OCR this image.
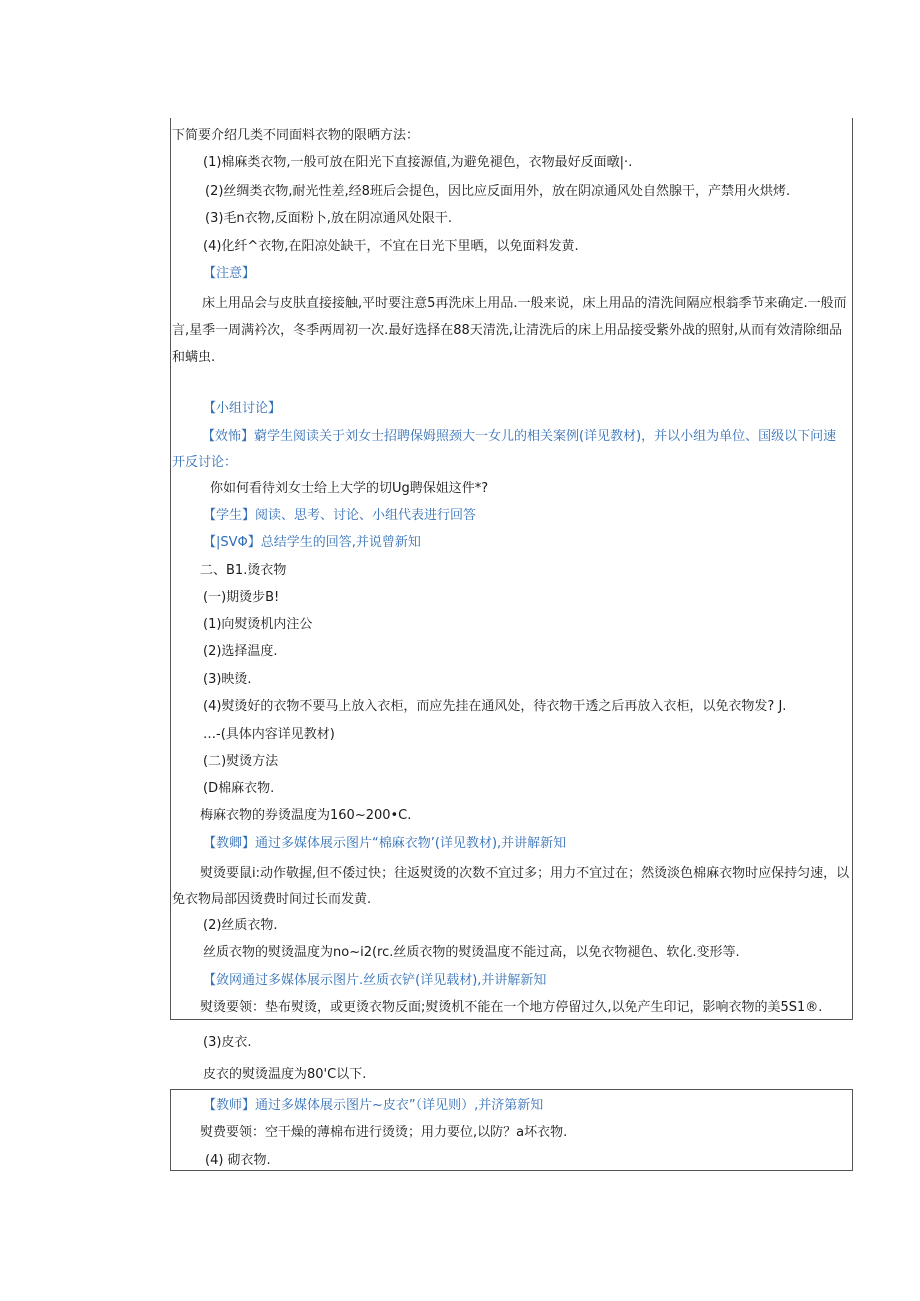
下简要介绍几类不同面料衣物的限晒方法：
(1)棉麻类衣物,一般可放在阳光下直接源值,为避免褪色，衣物最好反面暾|·.
(2)丝绸类衣物,耐光性差,经8班后会提色，因比应反面用外，放在阴凉通风处自然腺干，产禁用火烘烤.
(3)毛n衣物,反面粉卜,放在阴凉通风处限干.
(4)化纤^衣物,在阳凉处缺干，不宜在日光下里晒，以免面料发黄.
【注意】
床上用品会与皮肤直接接触,平时要注意5再洗床上用品.一般来说，床上用品的清洗间隔应根翁季节来确定.一般而言,星季一周满衿次，冬季两周初一次.最好选择在88天清洗,让清洗后的床上用品接受紫外战的照射,从而有效清除细品和螨虫.
【小组讨论】
【效怖】藭学生阅读关于刘女士招聘保姆照颈大一女儿的相关案例(详见教材)，并以小组为单位、国级以下问速开反讨论：
你如何看待刘女士给上大学的切Ug聘保姐这件*?
【学生】阅读、思考、讨论、小组代表进行回答
【|SVΦ】总结学生的回答,并说曾新知
二、B1.烫衣物
(一)期烫步B!
(1)向熨烫机内注公
(2)选择温度.
(3)映烫.
(4)熨烫好的衣物不要马上放入衣柜，而应先挂在通风处，待衣物干透之后再放入衣柜，以免衣物发? J.
…-(具体内容详见教材)
(二)熨烫方法
(D棉麻衣物.
梅麻衣物的券烫温度为160~200•C.
【教卿】通过多媒体展示图片“棉麻衣物’(详见教材),并讲解新知
熨烫要鼠i:动作敬握,但不倭过快；往返熨烫的次数不宜过多；用力不宜过在；然烫淡色棉麻衣物时应保持匀速，以免衣物局部因烫费时间过长而发黄.
(2)丝质衣物.
丝质衣物的熨烫温度为no~i2(rc.丝质衣物的熨烫温度不能过高，以免衣物褪色、软化.变形等.
【敛网通过多媒体展示图片.丝质衣铲(详见载材),并讲解新知
熨烫要领：垫布熨烫，或更烫衣物反面;熨烫机不能在一个地方停留过久,以免产生印记，影响衣物的美5S1®.
(3)皮衣.
皮衣的熨烫温度为80'C以下.
【教师】通过多媒体展示图片~皮衣”（详见则）,并济第新知
熨费要领：空干燥的薄棉布进行烫烫；用力要位,以防？a坏衣物.
(4) 砌衣物.
